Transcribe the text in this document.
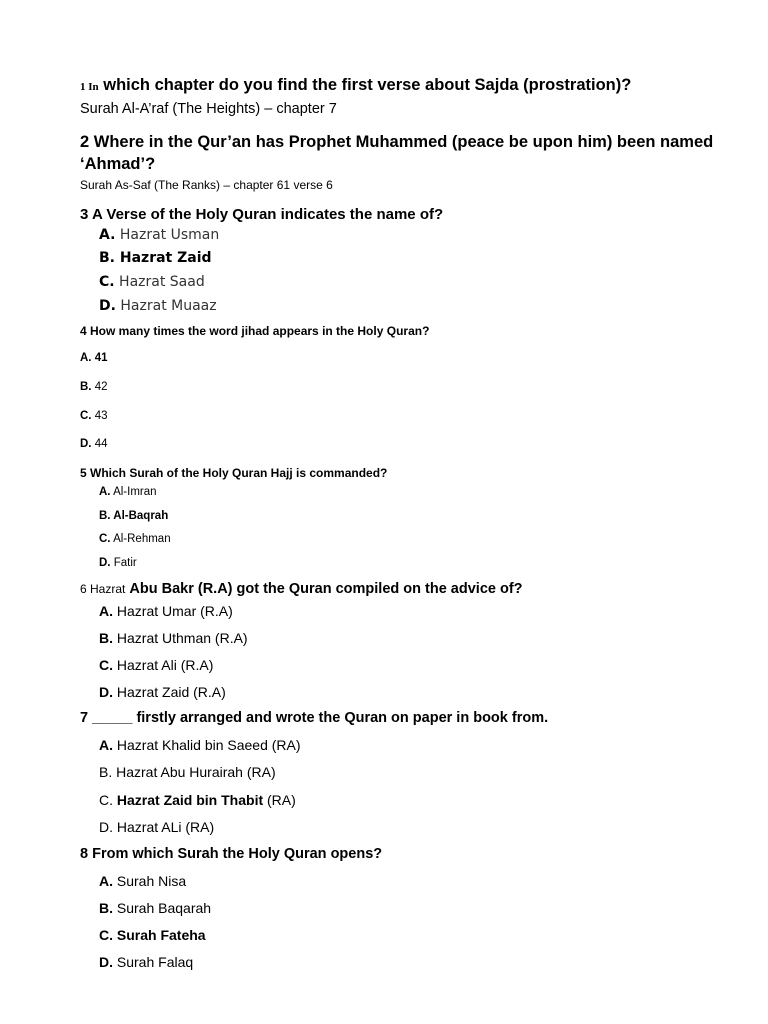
1 In which chapter do you find the first verse about Sajda (prostration)?
Surah Al-A’raf (The Heights) – chapter 7
2 Where in the Qur’an has Prophet Muhammed (peace be upon him) been named ‘Ahmad’?
Surah As-Saf (The Ranks) – chapter 61 verse 6
3 A Verse of the Holy Quran indicates the name of?
A. Hazrat Usman
B. Hazrat Zaid
C. Hazrat Saad
D. Hazrat Muaaz
4 How many times the word jihad appears in the Holy Quran?
A. 41
B. 42
C. 43
D. 44
5 Which Surah of the Holy Quran Hajj is commanded?
A. Al-Imran
B. Al-Baqrah
C. Al-Rehman
D. Fatir
6 Hazrat Abu Bakr (R.A) got the Quran compiled on the advice of?
A. Hazrat Umar (R.A)
B. Hazrat Uthman (R.A)
C. Hazrat Ali (R.A)
D. Hazrat Zaid (R.A)
7 _____ firstly arranged and wrote the Quran on paper in book from.
A. Hazrat Khalid bin Saeed (RA)
B. Hazrat Abu Hurairah (RA)
C. Hazrat Zaid bin Thabit (RA)
D. Hazrat ALi (RA)
8 From which Surah the Holy Quran opens?
A. Surah Nisa
B. Surah Baqarah
C. Surah Fateha
D. Surah Falaq
